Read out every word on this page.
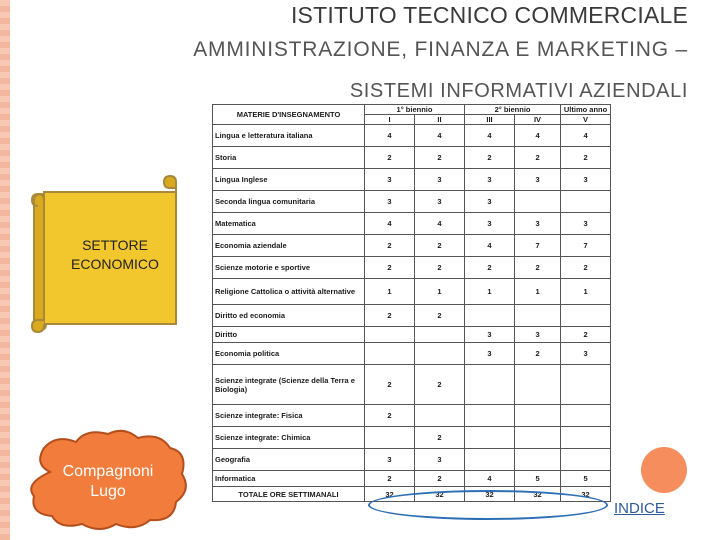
ISTITUTO TECNICO COMMERCIALE
AMMINISTRAZIONE, FINANZA E MARKETING –
SISTEMI INFORMATIVI AZIENDALI
SETTORE
ECONOMICO
Compagnoni
Lugo
INDICE
MATERIE D'INSEGNAMENTO	1° biennio		2° biennio		Ultimo anno
	I	II	III	IV	V
Lingua e letteratura italiana	4	4	4	4	4
Storia	2	2	2	2	2
Lingua Inglese	3	3	3	3	3
Seconda lingua comunitaria	3	3	3		
Matematica	4	4	3	3	3
Economia aziendale	2	2	4	7	7
Scienze motorie e sportive	2	2	2	2	2
Religione Cattolica o attività alternative	1	1	1	1	1
Diritto ed economia	2	2			
Diritto			3	3	2
Economia politica			3	2	3
Scienze integrate (Scienze della Terra e Biologia)	2	2			
Scienze integrate: Fisica	2				
Scienze integrate: Chimica		2			
Geografia	3	3			
Informatica	2	2	4	5	5
TOTALE ORE SETTIMANALI	32	32	32	32	32
